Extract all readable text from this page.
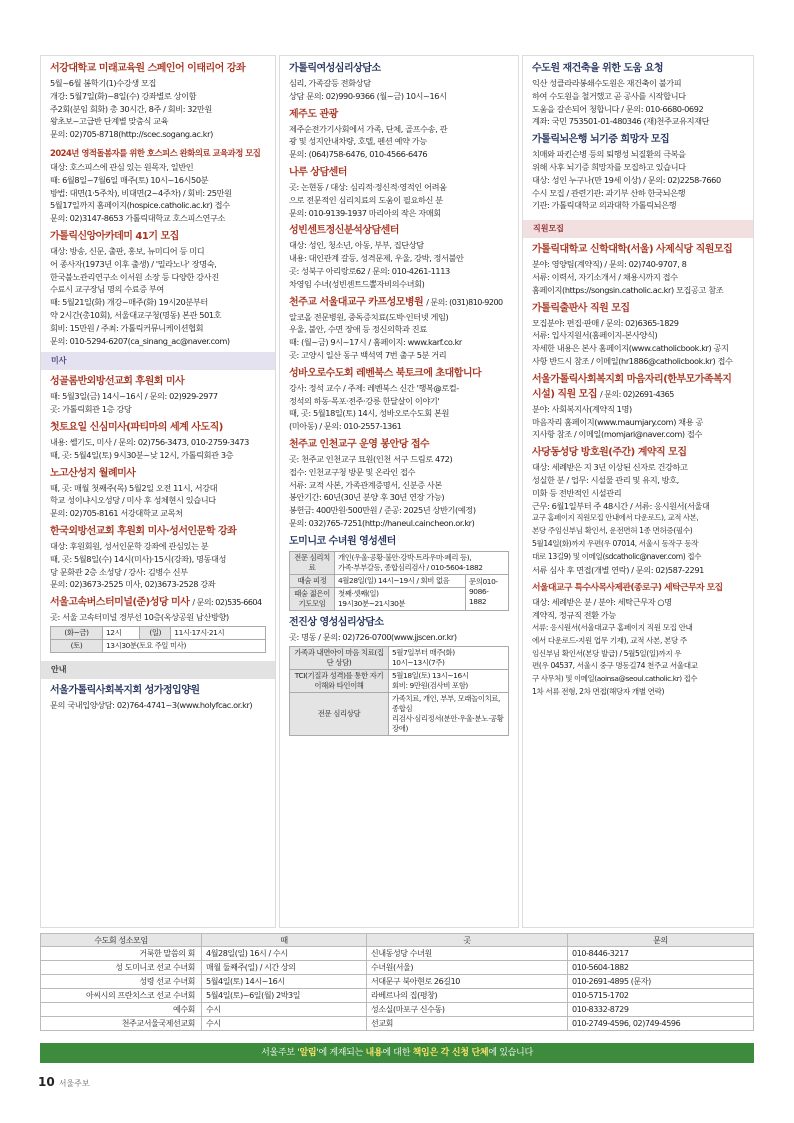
서강대학교 미래교육원 스페인어 이태리어 강좌

5월~6월 봄학기(1)수강생 모집

개강: 5월7일(화)~8일(수) 강좌별로 상이함

주2회(분임 회화) 총 30시간, 8주 / 회비: 32만원

왕초보~고급반 단계별 맞춤식 교육

문의: 02)705-8718(http://scec.sogang.ac.kr)

2024년 영적돌봄자를 위한 호스피스 완화의료 교육과정 모집

대상: 호스피스에 관심 있는 원목자, 일반인

때: 6월8일~7월6일 매주(토) 10시~16시50분

방법: 대면(1·5주차), 비대면(2~4주차) / 회비: 25만원

5월17일까지 홈페이지(hospice.catholic.ac.kr) 접수

문의: 02)3147-8653 가톨릭대학교 호스피스연구소

가톨릭신앙아카데미 41기 모집

대상: 방송, 신문, 출판, 홍보, 뉴미디어 등 미디

어 종사자(1973년 이후 출생) / '밀라노나' 장명숙,

한국불노관리연구소 이서원 소장 등 다양한 강사진

수료시 교구장님 명의 수료증 부여

때: 5월21일(화) 개강~매주(화) 19시20분부터

약 2시간(총10회), 서울대교구청(명동) 본관 501호

회비: 15만원 / 주최: 가톨릭커뮤니케이션협회

문의: 010-5294-6207(ca_sinang_ac@naver.com)

미사
성골롬반외방선교회 후원회 미사

때: 5월3일(금) 14시~16시 / 문의: 02)929-2977

곳: 가톨릭회관 1층 강당

첫토요일 신심미사(파티마의 세계 사도직)

내용: 쎌기도, 미사 / 문의: 02)756-3473, 010-2759-3473

때, 곳: 5월4일(토) 9시30분~낮 12시, 가톨릭회관 3층

노고산성지 월례미사

때, 곳: 매월 첫째주(목) 5월2일 오전 11시, 서강대

학교 성이냐시오성당 / 미사 후 성체현시 있습니다

문의: 02)705-8161 서강대학교 교목처

한국외방선교회 후원회 미사·성서인문학 강좌

대상: 후원회원, 성서인문학 강좌에 관심있는 분

때, 곳: 5월8일(수) 14시(미사)·15시(강좌), 명동대성

당 문화관 2층 소성당 / 강사: 김병수 신부

문의: 02)3673-2525 미사, 02)3673-2528 강좌

서울고속버스터미널(준)성당 미사 / 문의: 02)535-6604

곳: 서울 고속터미널 경부선 10층(옥상공원 남산방향)

(화~금)	12시	(일)	11시·17시·21시
(토)	13시30분(토요 주일 미사)		
안내
서울가톨릭사회복지회 성가정입양원

문의 국내입양상담: 02)764-4741~3(www.holyfcac.or.kr)

가톨릭여성심리상담소

심리, 가족갈등 전화상담

상담 문의: 02)990-9366 (월~금) 10시~16시

제주도 관광

제주순전가기사회에서 가족, 단체, 골프수송, 관

광 및 성지안내차량, 호텔, 펜션 예약 가능

문의: (064)758-6476, 010-4566-6476

나루 상담센터

곳: 논현동 / 대상: 심리적·정신적·영적인 어려움

으로 전문적인 심리치료의 도움이 필요하신 분

문의: 010-9139-1937 마리아의 작은 자매회

성빈센트정신분석상담센터

대상: 성인, 청소년, 아동, 부부, 집단상담

내용: 대인관계 갈등, 성격문제, 우울, 강박, 정서불안

곳: 성북구 아리랑로62 / 문의: 010-4261-1113

차영임 수녀(성빈센트드뽈자비의수녀회)

천주교 서울대교구 카프성모병원 / 문의: (031)810-9200

알코올 전문병원, 중독증치료(도박·인터넷 게임)

우울, 불안, 수면 장애 등 정신의학과 진료

때: (월~금) 9시~17시 / 홈페이지: www.karf.co.kr

곳: 고양시 일산 동구 백석역 7번 출구 5분 거리

성바오로수도회 레벤북스 북토크에 초대합니다

강사: 정석 교수 / 주제: 레벤북스 신간 '행복@로컬-

정석의 하동·목포·전주·강릉 한달살이 이야기'

때, 곳: 5월18일(토) 14시, 성바오로수도회 본원

(미아동) / 문의: 010-2557-1361

천주교 인천교구 운영 봉안당 접수

곳: 천주교 인천교구 묘원(인천 서구 드림로 472)

접수: 인천교구청 방문 및 온라인 접수

서류: 교적 사본, 가족관계증명서, 신분증 사본

봉안기간: 60년(30년 분양 후 30년 연장 가능)

봉헌금: 400만원·500만원 / 준공: 2025년 상반기(예정)

문의: 032)765-7251(http://haneul.caincheon.or.kr)

도미니코 수녀원 영성센터
전문 심리치료	개인(우울·공황·불안·강박·트라우마·폐리 등),
가족·부부갈등, 종합심리검사 / 010-5604-1882	
때숨 피정	4월28일(일) 14시~19시 / 회비 없음	문의010-
9086-1882
때숨 젊은이 기도모임	첫째·셋째(일)
19시30분~21시30분	
전진상 영성심리상담소

곳: 명동 / 문의: 02)726-0700(www.jjscen.or.kr)

가족과 내면아이 마음 치료(집단 상담)	5월7일부터 매주(화)
10시~13시(7주)
TCI(기질과 성격)를 통한 자기이해와 타인이해	5월18일(토) 13시~16시
회비: 9만원(검사비 포함)
전문 심리상담	가족치료, 개인, 부부, 모래놀이치료, 종합심
리검사·심리정서(분안·우울·분노·공황장애)
수도원 재건축을 위한 도움 요청

익산 성클라라봉쇄수도원은 재건축이 불가피

하여 수도원을 철거했고 곧 공사를 시작합니다

도움을 갈손되어 청합니다 / 문의: 010-6680-0692

계좌: 국민 753501-01-480346 (재)천주교유지재단

가톨릭뇌은행 뇌기증 희망자 모집

치매와 파킨슨병 등의 퇴행성 뇌질환의 극복을

위해 사후 뇌기증 희망자를 모집하고 있습니다

대상: 성인 누구나(만 19세 이상) / 문의: 02)2258-7660

수시 모집 / 관련기관: 과기부 산하 한국뇌은행

기관: 가톨릭대학교 의과대학 가톨릭뇌은행

직원모집
가톨릭대학교 신학대학(서울) 사제식당 직원모집

분야: 영양팀(계약직) / 문의: 02)740-9707, 8

서류: 이력서, 자기소개서 / 채용시까지 접수

홈페이지(https://songsin.catholic.ac.kr) 모집공고 참조

가톨릭출판사 직원 모집

모집분야: 편집·판매 / 문의: 02)6365-1829

서류: 입사지원서(홈페이지-본사양식)

자세한 내용은 본사 홈페이지(www.catholicbook.kr) 공지

사항 반드시 참조 / 이메일(hr1886@catholicbook.kr) 접수

서울가톨릭사회복지회 마음자리(한부모가족복지
시설) 직원 모집 / 문의: 02)2691-4365

분야: 사회복지사(계약직 1명)

마음자리 홈페이지(www.maumjary.com) 채용 공

지사항 참조 / 이메일(momjari@naver.com) 접수

사당동성당 방호원(주간) 계약직 모집

대상: 세례받은 지 3년 이상된 신자로 건강하고

성실한 분 / 업무: 시설물 관리 및 유지, 방호,

미화 등 전반적인 시설관리

근무: 6월1일부터 주 48시간 / 서류: 응시원서(서울대

교구 홈페이지 직원모집 안내에서 다운로드), 교적 사본,

본당 주임신부님 확인서, 운전면허 1종 면허증(필수)

5월14일(화)까지 우편(우 07014, 서울시 동작구 동작

대로 13길9) 및 이메일(sdcatholic@naver.com) 접수

서류 심사 후 면접(개별 연락) / 문의: 02)587-2291

서울대교구 특수사목사제관(종로구) 세탁근무자 모집

대상: 세례받은 분 / 분야: 세탁근무자 ○명

계약직, 정규직 전환 가능

서류: 응시원서(서울대교구 홈페이지 직원 모집 안내

에서 다운로드-지원 업무 기재), 교적 사본, 본당 주

임신부님 확인서(본당 발급) / 5월5일(일)까지 우

편(우 04537, 서울시 중구 명동길74 천주교 서울대교

구 사무처) 및 이메일(aoinsa@seoul.catholic.kr) 접수

1차 서류 전형, 2차 면접(해당자 개별 연락)

수도회 성소모임	때	곳	문의
거룩한 말씀의 회	4월28일(일) 16시 / 수시	신내동성당 수녀원	010-8446-3217
성 도미니코 선교 수녀회	매월 둘째주(일) / 시간 상의	수녀원(서울)	010-5604-1882
성령 선교 수녀회	5월4일(토) 14시~16시	서대문구 북아현로 26길10	010-2691-4895 (문자)
아씨시의 프란치스코 선교 수녀회	5월4일(토)~6일(월) 2박3일	라베르나의 집(평창)	010-5715-1702
예수회	수시	성소실(마포구 신수동)	010-8332-8729
천주교서울국제선교회	수시	선교회	010-2749-4596, 02)749-4596
서울주보 '알림'에 게재되는 내용에 대한 책임은 각 신청 단체에 있습니다
10 서울주보
